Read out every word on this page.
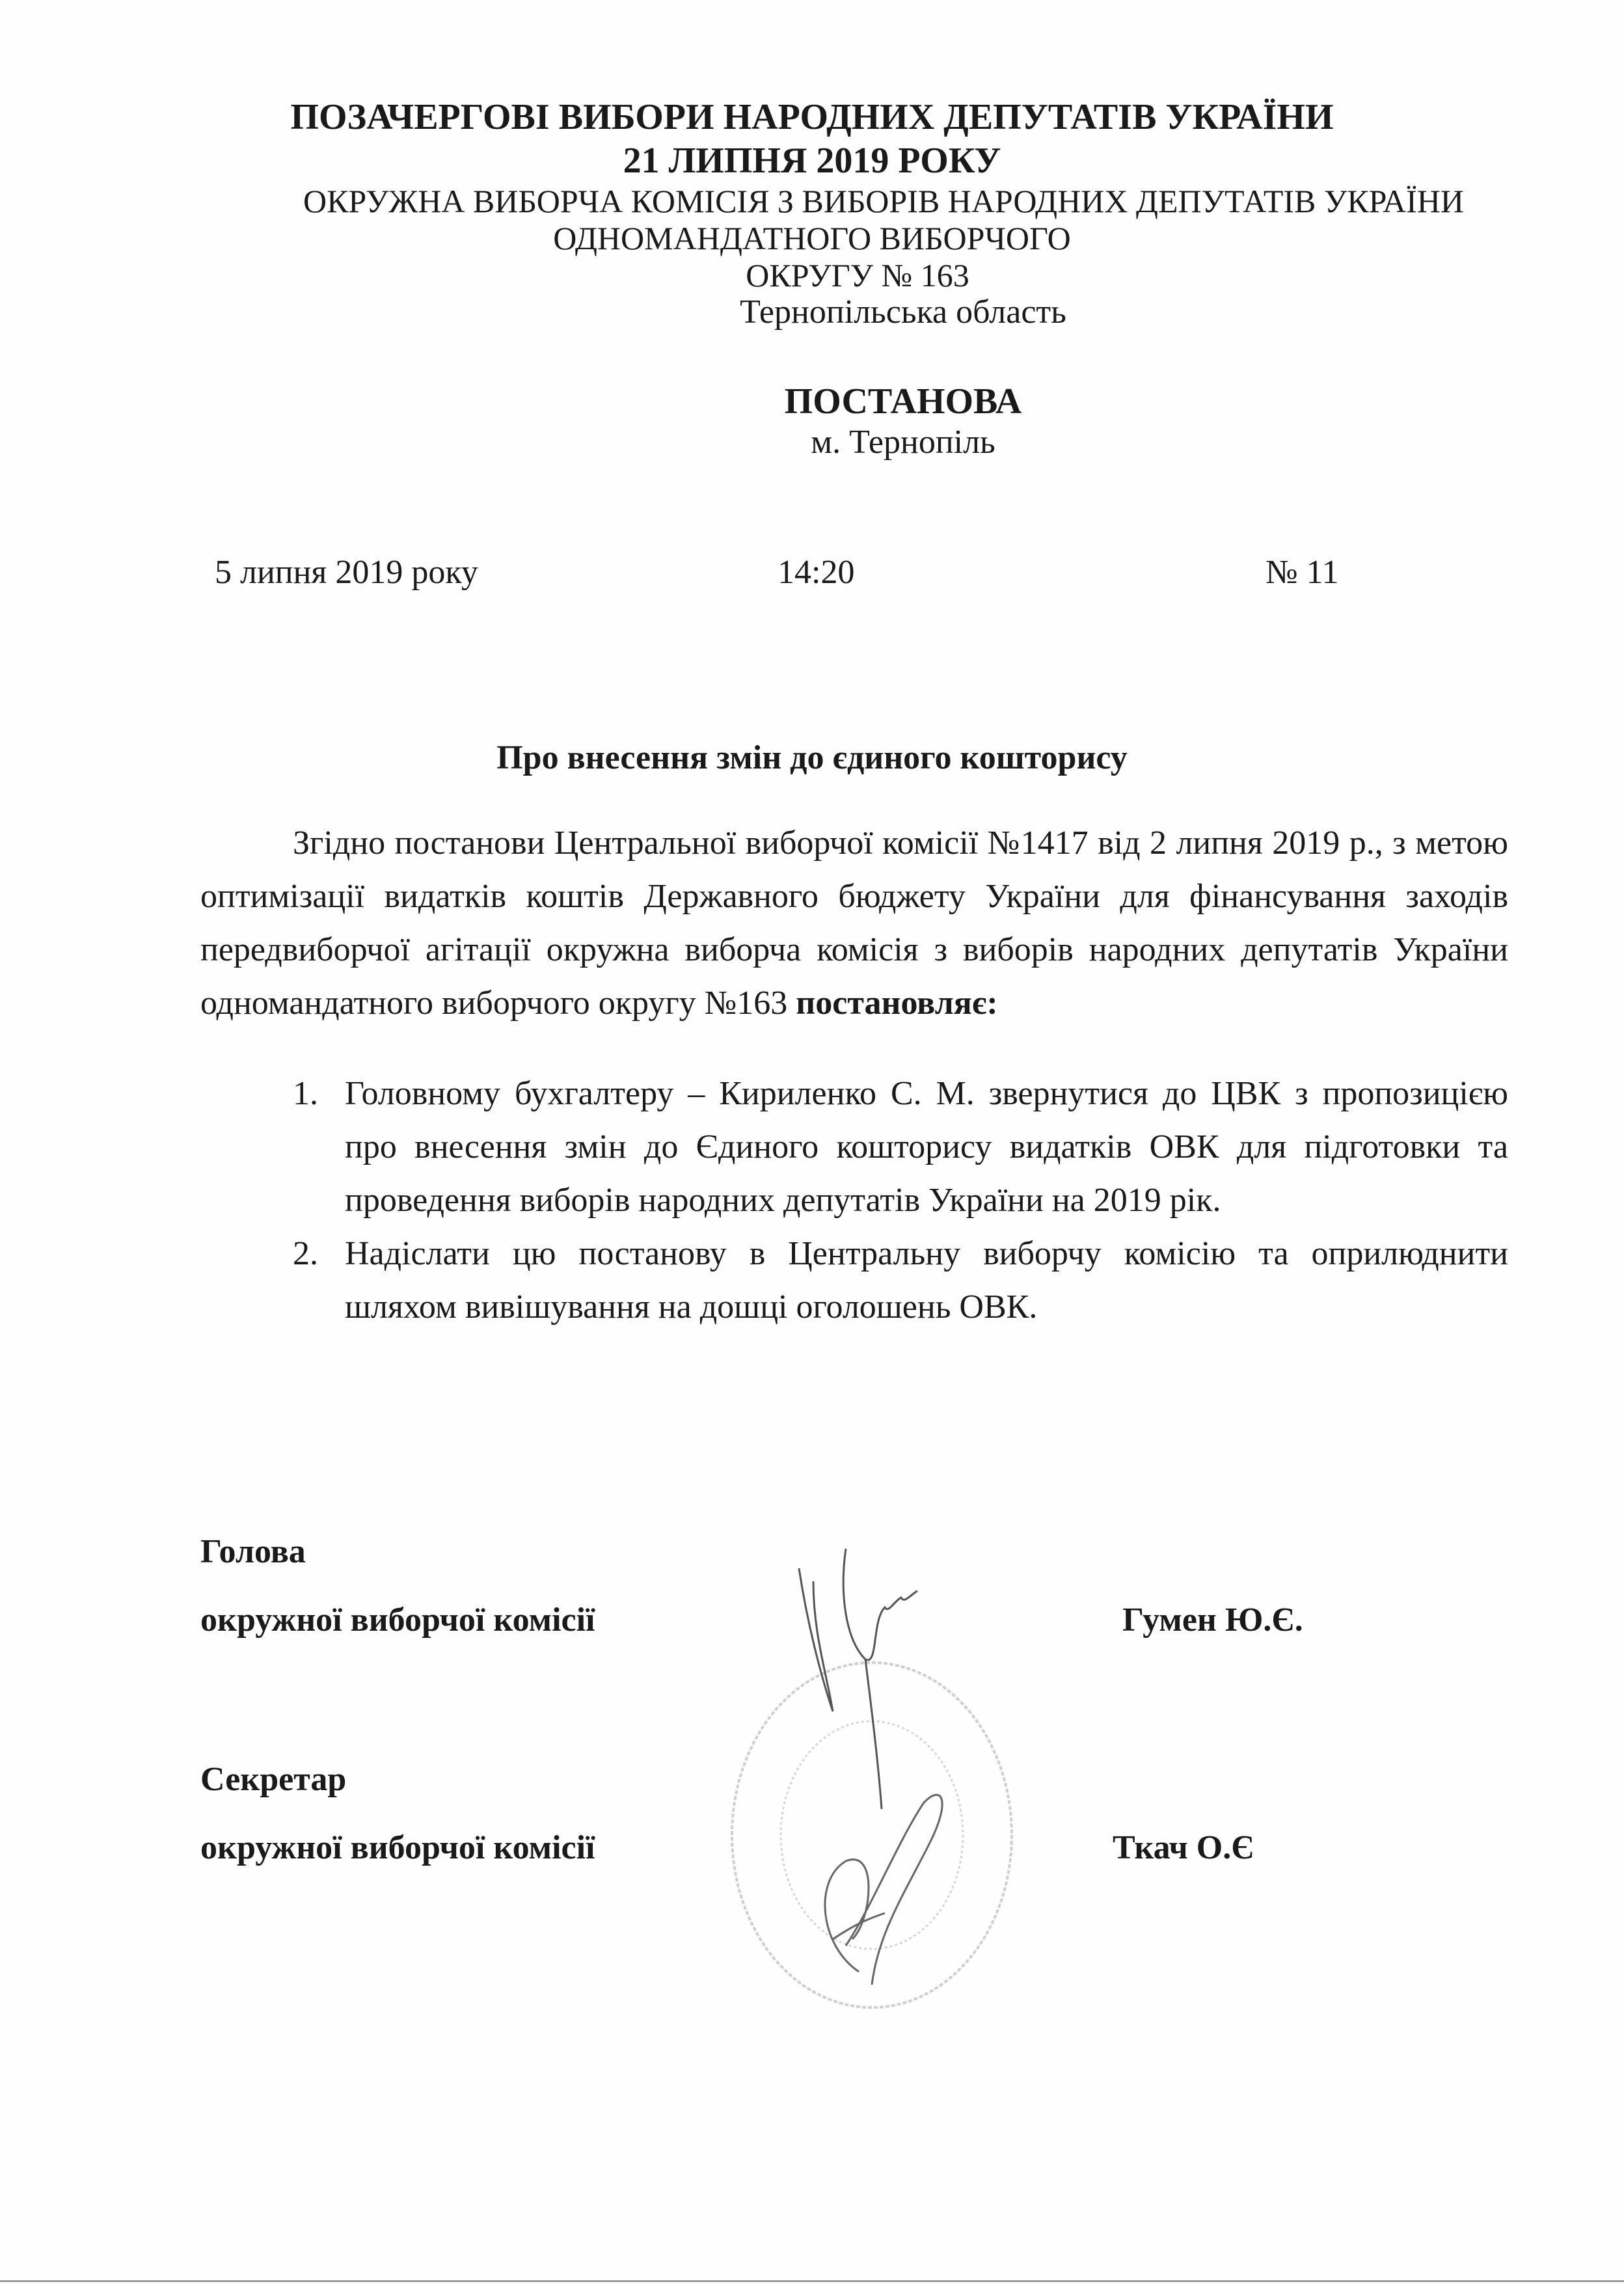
ПОЗАЧЕРГОВІ ВИБОРИ НАРОДНИХ ДЕПУТАТІВ УКРАЇНИ
21 ЛИПНЯ 2019 РОКУ
ОКРУЖНА ВИБОРЧА КОМІСІЯ З ВИБОРІВ НАРОДНИХ ДЕПУТАТІВ УКРАЇНИ
ОДНОМАНДАТНОГО ВИБОРЧОГО
ОКРУГУ № 163
Тернопільська область
ПОСТАНОВА
м. Тернопіль
5 липня 2019 року	14:20	№ 11
Про внесення змін до єдиного кошторису

Згідно постанови Центральної виборчої комісії №1417 від 2 липня 2019 р., з метою оптимізації видатків коштів Державного бюджету України для фінансування заходів передвиборчої агітації окружна виборча комісія з виборів народних депутатів України одномандатного виборчого округу №163 постановляє:

1. Головному бухгалтеру – Кириленко С. М. звернутися до ЦВК з пропозицією про внесення змін до Єдиного кошторису видатків ОВК для підготовки та проведення виборів народних депутатів України на 2019 рік.
2. Надіслати цю постанову в Центральну виборчу комісію та оприлюднити шляхом вивішування на дошці оголошень ОВК.
Голова
окружної виборчої комісії	Гумен Ю.Є.
Секретар
окружної виборчої комісії	Ткач О.Є
